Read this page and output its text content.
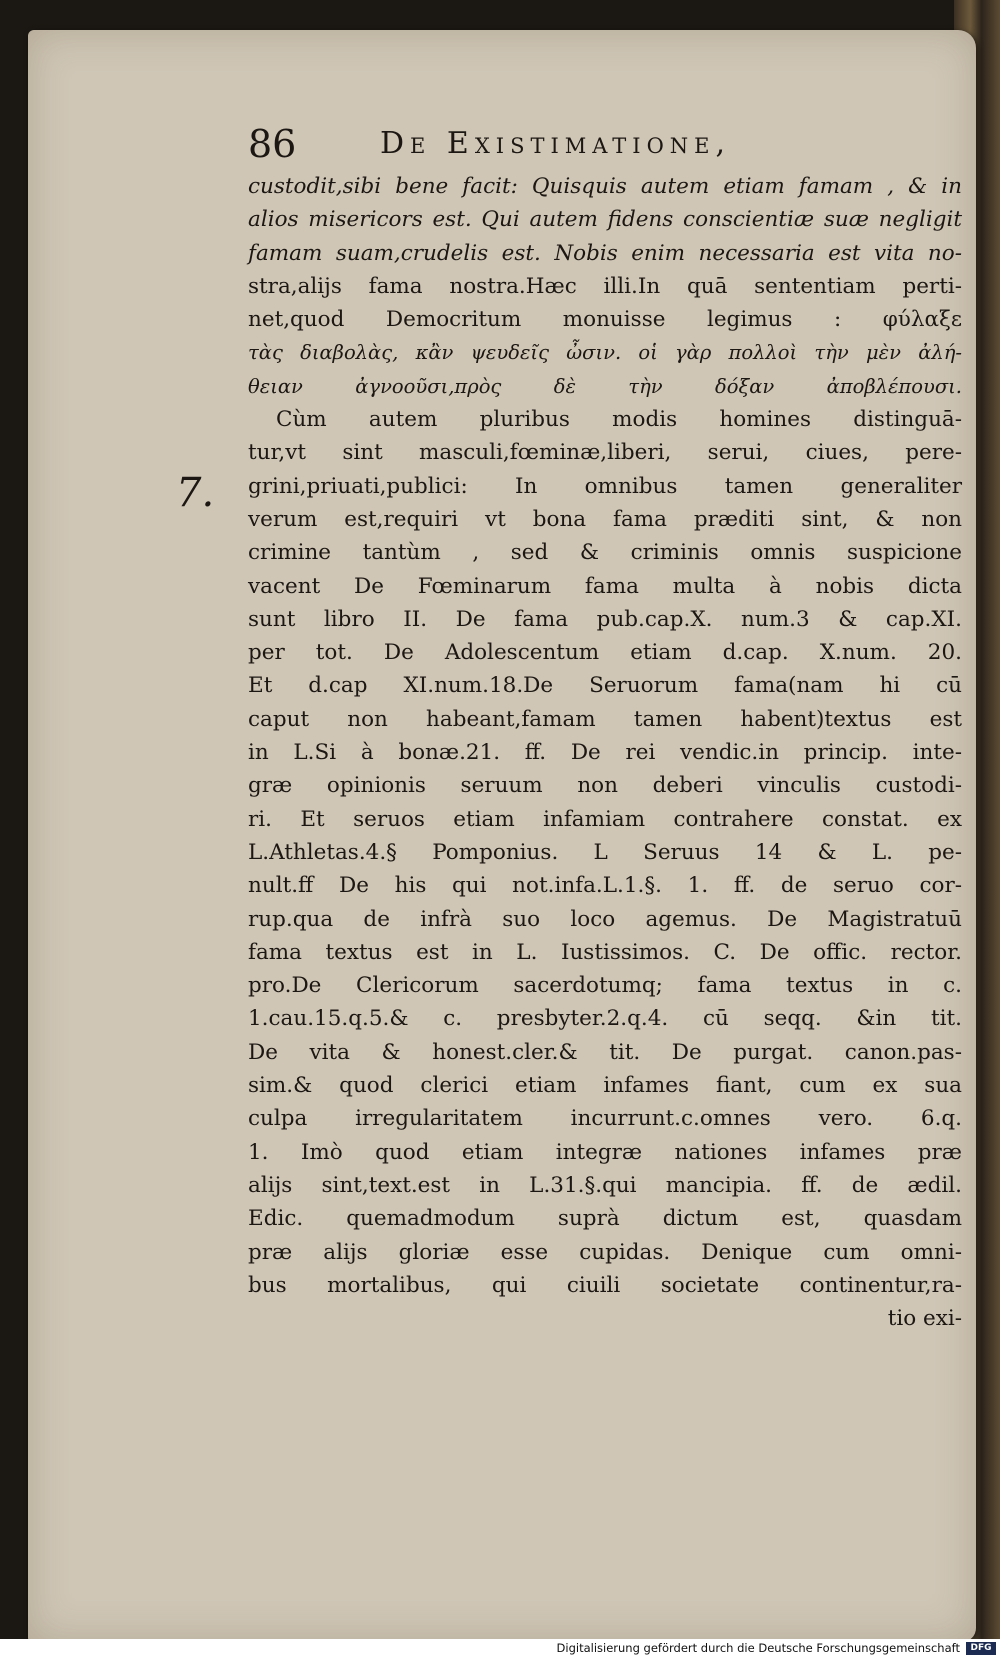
86	De Existimatione,
custodit,sibi bene facit: Quisquis autem etiam famam , & in
alios misericors est. Qui autem fidens conscientiæ suæ negligit
famam suam,crudelis est. Nobis enim necessaria est vita no-
stra,alijs fama nostra.Hæc illi.In quā sententiam perti-
net,quod Democritum monuisse legimus : φύλαξε
τὰς διαβολὰς, κἂν ψευδεῖς ὦσιν. οἱ γὰρ πολλοὶ τὴν μὲν ἀλή-
θειαν ἀγνοοῦσι,πρὸς δὲ τὴν δόξαν ἀποβλέπουσι.
Cùm autem pluribus modis homines distinguā-
tur,vt sint masculi,fœminæ,liberi, serui, ciues, pere-
grini,priuati,publici: In omnibus tamen generaliter
verum est,requiri vt bona fama præditi sint, & non
crimine tantùm , sed & criminis omnis suspicione
vacent De Fœminarum fama multa à nobis dicta
sunt libro II. De fama pub.cap.X. num.3 & cap.XI.
per tot. De Adolescentum etiam d.cap. X.num. 20.
Et d.cap XI.num.18.De Seruorum fama(nam hi cū
caput non habeant,famam tamen habent)textus est
in L.Si à bonæ.21. ff. De rei vendic.in princip. inte-
græ opinionis seruum non deberi vinculis custodi-
ri. Et seruos etiam infamiam contrahere constat. ex
L.Athletas.4.§ Pomponius. L Seruus 14 & L. pe-
nult.ff De his qui not.infa.L.1.§. 1. ff. de seruo cor-
rup.qua de infrà suo loco agemus. De Magistratuū
fama textus est in L. Iustissimos. C. De offic. rector.
pro.De Clericorum sacerdotumq; fama textus in c.
1.cau.15.q.5.& c. presbyter.2.q.4. cū seqq. &in tit.
De vita & honest.cler.& tit. De purgat. canon.pas-
sim.& quod clerici etiam infames fiant, cum ex sua
culpa irregularitatem incurrunt.c.omnes vero. 6.q.
1. Imò quod etiam integræ nationes infames præ
alijs sint,text.est in L.31.§.qui mancipia. ff. de ædil.
Edic. quemadmodum suprà dictum est, quasdam
præ alijs gloriæ esse cupidas. Denique cum omni-
bus mortalibus, qui ciuili societate continentur,ra-
tio exi-
7.
Digitalisierung gefördert durch die Deutsche Forschungsgemeinschaft	DFG
